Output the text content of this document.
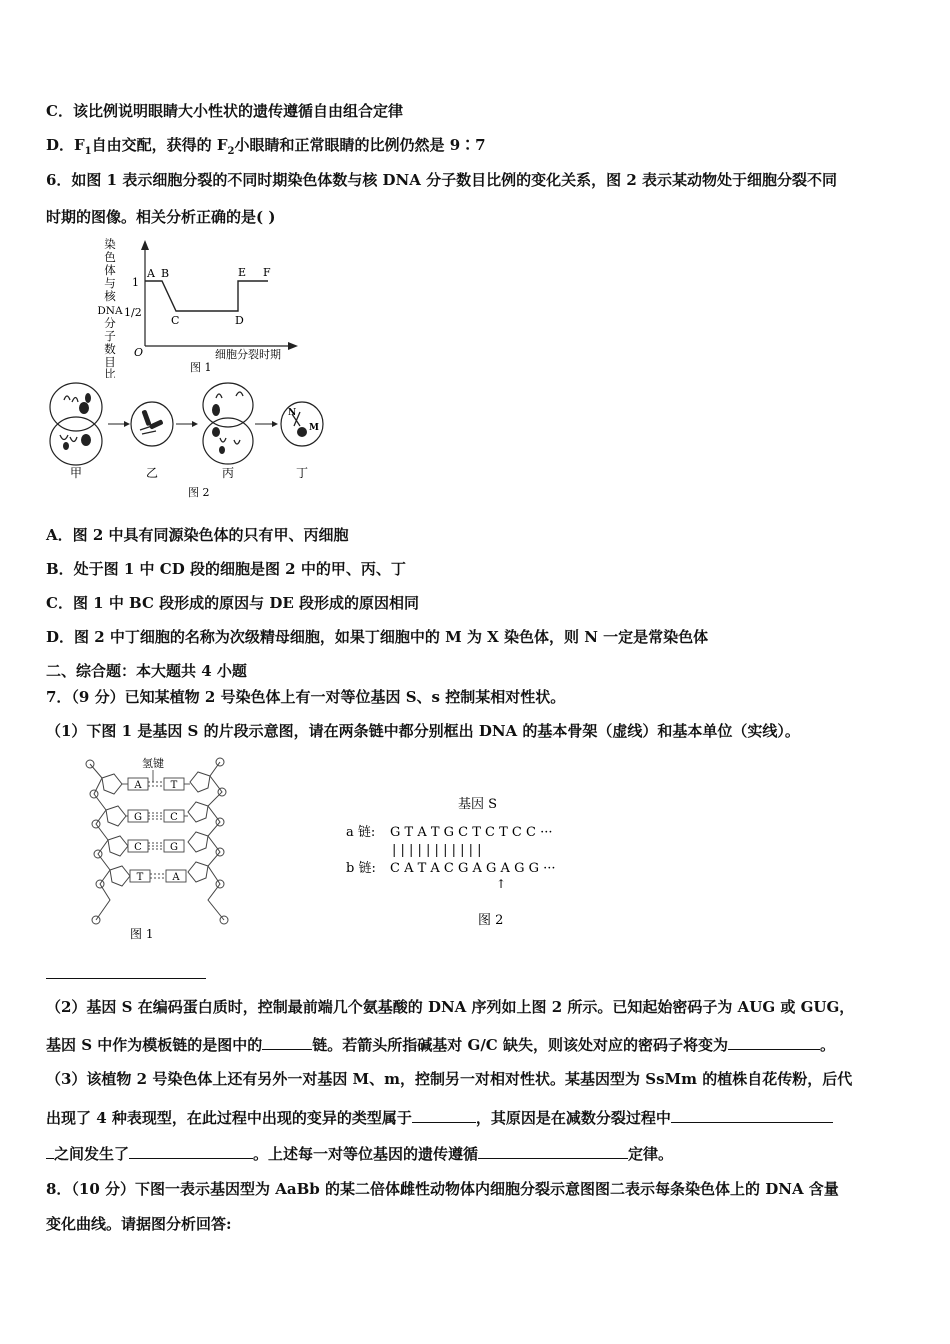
C．该比例说明眼睛大小性状的遗传遵循自由组合定律
D．$F_1$自由交配，获得的 $F_2$小眼睛和正常眼睛的比例仍然是 9∶7
6．如图 1 表示细胞分裂的不同时期染色体数与核 DNA 分子数目比例的变化关系，图 2 表示某动物处于细胞分裂不同
时期的图像。相关分析正确的是( )
染
色
体
与
核
DNA
分
子
数
目
比
1
1/2
O
A B
C	D
E F
细胞分裂时期
图 1
N
M
甲	乙	丙	丁
图 2
A．图 2 中具有同源染色体的只有甲、丙细胞
B．处于图 1 中 CD 段的细胞是图 2 中的甲、丙、丁
C．图 1 中 BC 段形成的原因与 DE 段形成的原因相同
D．图 2 中丁细胞的名称为次级精母细胞，如果丁细胞中的 M 为 X 染色体，则 N 一定是常染色体
二、综合题：本大题共 4 小题
7．（9 分）已知某植物 2 号染色体上有一对等位基因 S、s 控制某相对性状。
（1）下图 1 是基因 S 的片段示意图，请在两条链中都分别框出 DNA 的基本骨架（虚线）和基本单位（实线）。
氢键
A	T
G	C
C	G
T	A
图 1
基因 S
a 链: G T A T G C T C T C C ···
| | | | | | | | | | |
b 链: C A T A C G A G A G G ···
↑
图 2
（2）基因 S 在编码蛋白质时，控制最前端几个氨基酸的 DNA 序列如上图 2 所示。已知起始密码子为 AUG 或 GUG，
基因 S 中作为模板链的是图中的	链。若箭头所指碱基对 G/C 缺失，则该处对应的密码子将变为	。
（3）该植物 2 号染色体上还有另外一对基因 M、m，控制另一对相对性状。某基因型为 SsMm 的植株自花传粉，后代
出现了 4 种表现型，在此过程中出现的变异的类型属于	，其原因是在减数分裂过程中
之间发生了	。上述每一对等位基因的遗传遵循	定律。
8．（10 分）下图一表示基因型为 AaBb 的某二倍体雌性动物体内细胞分裂示意图图二表示每条染色体上的 DNA 含量
变化曲线。请据图分析回答:
